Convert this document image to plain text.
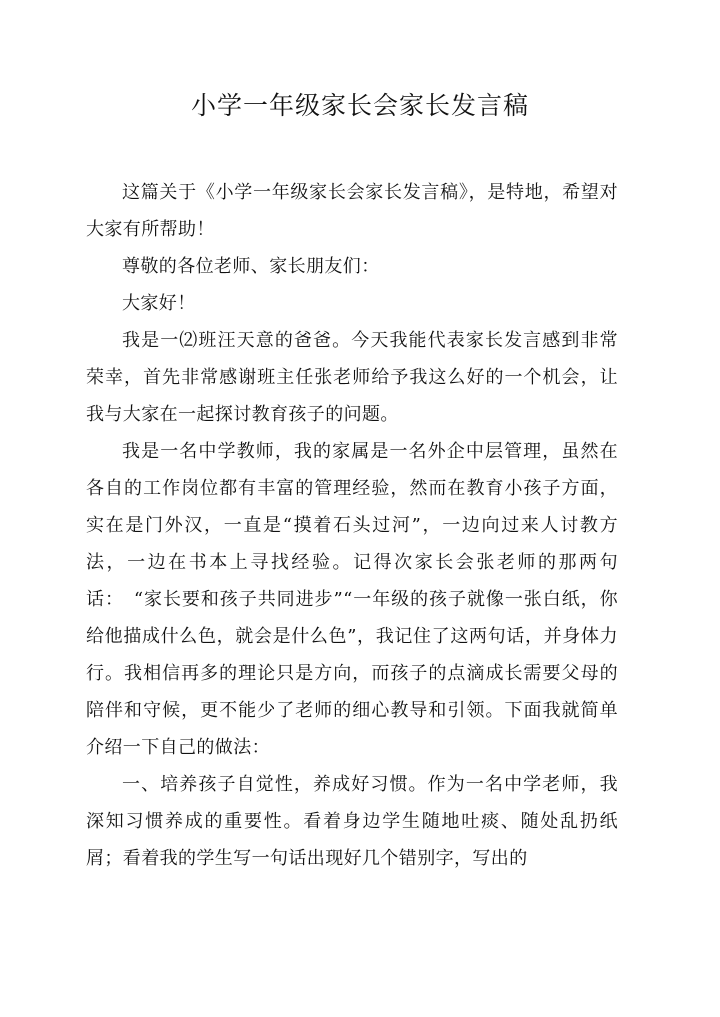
小学一年级家长会家长发言稿

这篇关于《小学一年级家长会家长发言稿》，是特地，希望对大家有所帮助！

尊敬的各位老师、家长朋友们：

大家好！

我是一⑵班汪天意的爸爸。今天我能代表家长发言感到非常荣幸，首先非常感谢班主任张老师给予我这么好的一个机会，让我与大家在一起探讨教育孩子的问题。

我是一名中学教师，我的家属是一名外企中层管理，虽然在各自的工作岗位都有丰富的管理经验，然而在教育小孩子方面，实在是门外汉，一直是“摸着石头过河”，一边向过来人讨教方法，一边在书本上寻找经验。记得次家长会张老师的那两句话：　“家长要和孩子共同进步”“一年级的孩子就像一张白纸，你给他描成什么色，就会是什么色”，我记住了这两句话，并身体力行。我相信再多的理论只是方向，而孩子的点滴成长需要父母的陪伴和守候，更不能少了老师的细心教导和引领。下面我就简单介绍一下自己的做法：

一、培养孩子自觉性，养成好习惯。作为一名中学老师，我深知习惯养成的重要性。看着身边学生随地吐痰、随处乱扔纸屑；看着我的学生写一句话出现好几个错别字，写出的
